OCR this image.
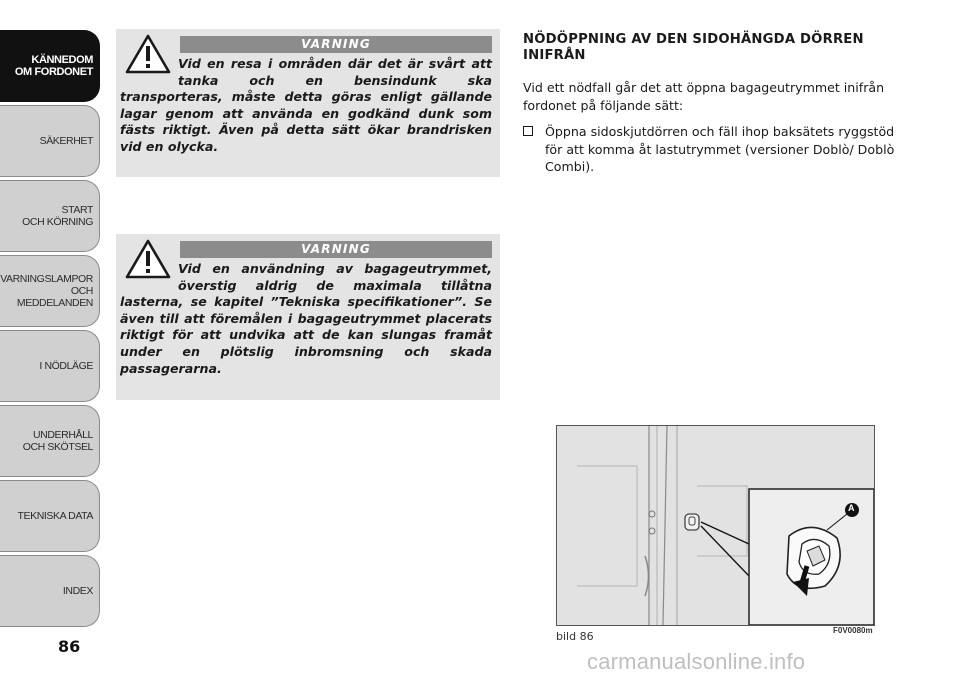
KÄNNEDOM
OM FORDONET
SÄKERHET
START
OCH KÖRNING
VARNINGSLAMPOR
OCH
MEDDELANDEN
I NÖDLÄGE
UNDERHÅLL
OCH SKÖTSEL
TEKNISKA DATA
INDEX
86
VARNING
Vid en resa i områden där det är svårt att tanka och en bensindunk ska transporteras, måste detta göras enligt gällande lagar genom att använda en godkänd dunk som fästs riktigt. Även på detta sätt ökar brandrisken vid en olycka.
VARNING
Vid en användning av bagageutrymmet, överstig aldrig de maximala tillåtna lasterna, se kapitel ”Tekniska specifikationer”. Se även till att föremålen i bagageutrymmet placerats riktigt för att undvika att de kan slungas framåt under en plötslig inbromsning och skada passagerarna.
NÖDÖPPNING AV DEN SIDOHÄNGDA DÖRREN INIFRÅN
Vid ett nödfall går det att öppna bagageutrymmet inifrån fordonet på följande sätt:
Öppna sidoskjutdörren och fäll ihop baksätets ryggstöd för att komma åt lastutrymmet (versioner Doblò/ Doblò Combi).
A
bild 86	F0V0080m
carmanualsonline.info
